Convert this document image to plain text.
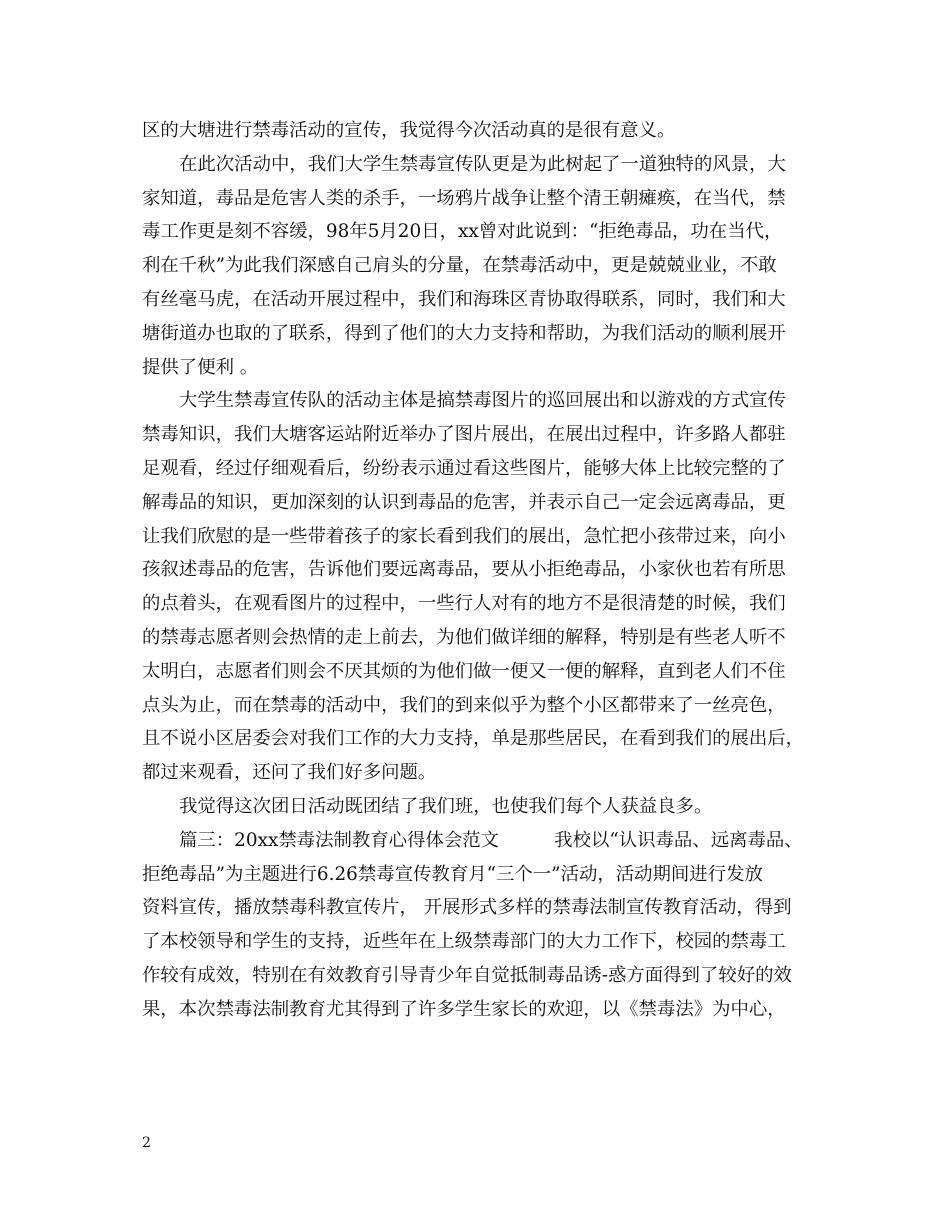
区的大塘进行禁毒活动的宣传，我觉得今次活动真的是很有意义。
在此次活动中，我们大学生禁毒宣传队更是为此树起了一道独特的风景，大
家知道，毒品是危害人类的杀手，一场鸦片战争让整个清王朝瘫痪，在当代，禁
毒工作更是刻不容缓，98年5月20日，xx曾对此说到：“拒绝毒品，功在当代，
利在千秋”为此我们深感自己肩头的分量，在禁毒活动中，更是兢兢业业，不敢
有丝毫马虎，在活动开展过程中，我们和海珠区青协取得联系，同时，我们和大
塘街道办也取的了联系，得到了他们的大力支持和帮助，为我们活动的顺利展开
提供了便利 。
大学生禁毒宣传队的活动主体是搞禁毒图片的巡回展出和以游戏的方式宣传
禁毒知识，我们大塘客运站附近举办了图片展出，在展出过程中，许多路人都驻
足观看，经过仔细观看后，纷纷表示通过看这些图片，能够大体上比较完整的了
解毒品的知识，更加深刻的认识到毒品的危害，并表示自己一定会远离毒品，更
让我们欣慰的是一些带着孩子的家长看到我们的展出，急忙把小孩带过来，向小
孩叙述毒品的危害，告诉他们要远离毒品，要从小拒绝毒品，小家伙也若有所思
的点着头，在观看图片的过程中，一些行人对有的地方不是很清楚的时候，我们
的禁毒志愿者则会热情的走上前去，为他们做详细的解释，特别是有些老人听不
太明白，志愿者们则会不厌其烦的为他们做一便又一便的解释，直到老人们不住
点头为止，而在禁毒的活动中，我们的到来似乎为整个小区都带来了一丝亮色，
且不说小区居委会对我们工作的大力支持，单是那些居民，在看到我们的展出后，
都过来观看，还问了我们好多问题。
我觉得这次团日活动既团结了我们班，也使我们每个人获益良多。
篇三：20xx禁毒法制教育心得体会范文　　　我校以“认识毒品、远离毒品、
拒绝毒品”为主题进行6.26禁毒宣传教育月“三个一”活动，活动期间进行发放
资料宣传，播放禁毒科教宣传片， 开展形式多样的禁毒法制宣传教育活动，得到
了本校领导和学生的支持，近些年在上级禁毒部门的大力工作下，校园的禁毒工
作较有成效，特别在有效教育引导青少年自觉抵制毒品诱-惑方面得到了较好的效
果，本次禁毒法制教育尤其得到了许多学生家长的欢迎，以《禁毒法》为中心，
2
